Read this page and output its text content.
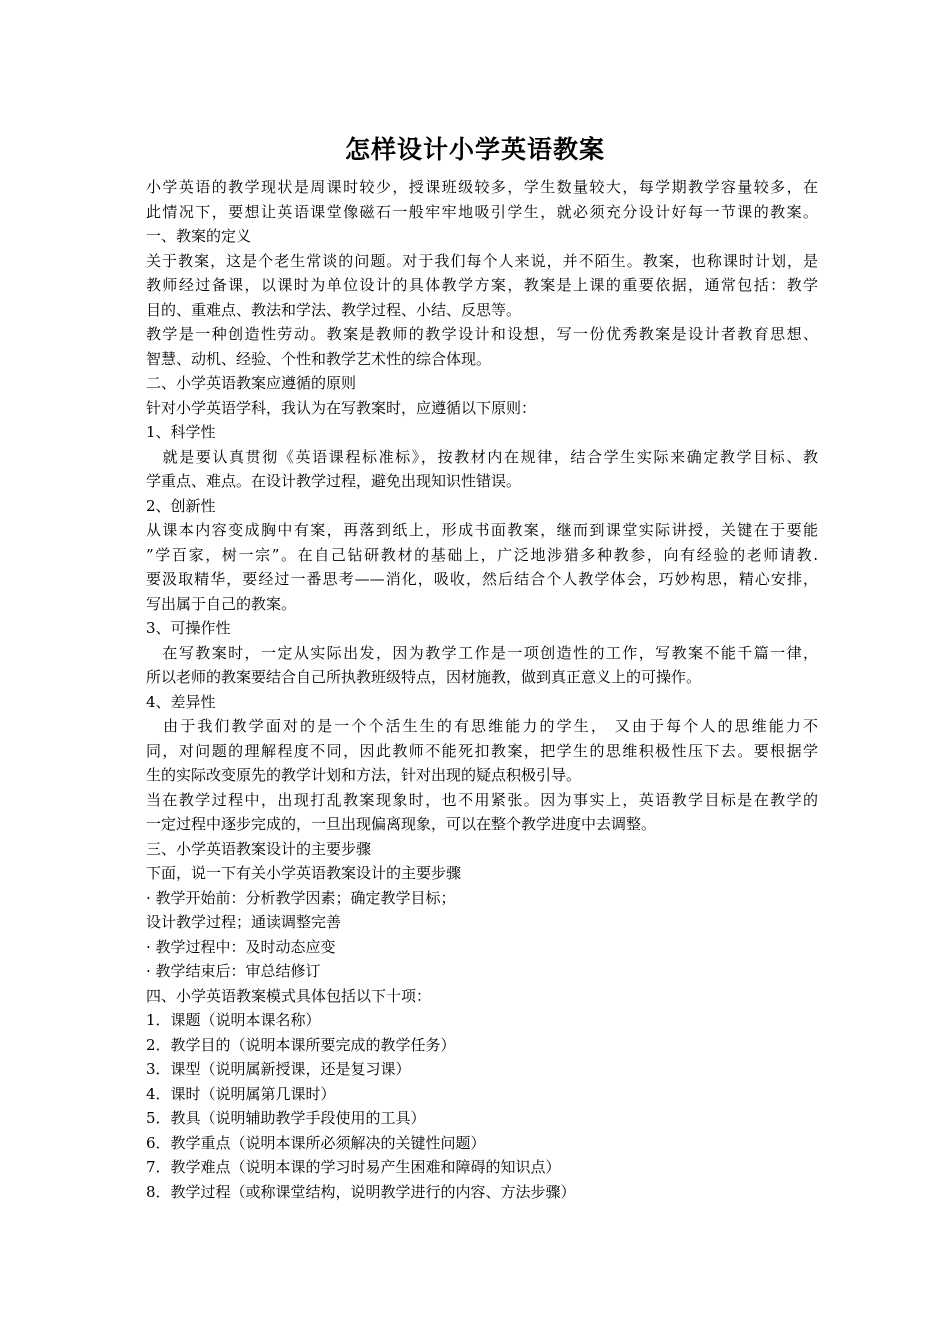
怎样设计小学英语教案
小学英语的教学现状是周课时较少，授课班级较多，学生数量较大，每学期教学容量较多，在
此情况下，要想让英语课堂像磁石一般牢牢地吸引学生，就必须充分设计好每一节课的教案。
一、教案的定义
关于教案，这是个老生常谈的问题。对于我们每个人来说，并不陌生。教案，也称课时计划，是
教师经过备课，以课时为单位设计的具体教学方案，教案是上课的重要依据，通常包括：教学
目的、重难点、教法和学法、教学过程、小结、反思等。
教学是一种创造性劳动。教案是教师的教学设计和设想，写一份优秀教案是设计者教育思想、
智慧、动机、经验、个性和教学艺术性的综合体现。
二、小学英语教案应遵循的原则
针对小学英语学科，我认为在写教案时，应遵循以下原则：
1、科学性
　就是要认真贯彻《英语课程标准标》，按教材内在规律，结合学生实际来确定教学目标、教
学重点、难点。在设计教学过程，避免出现知识性错误。
2、创新性
从课本内容变成胸中有案，再落到纸上，形成书面教案，继而到课堂实际讲授，关键在于要能
”学百家，树一宗”。在自己钻研教材的基础上，广泛地涉猎多种教参，向有经验的老师请教.
要汲取精华，要经过一番思考——消化，吸收，然后结合个人教学体会，巧妙构思，精心安排，
写出属于自己的教案。
3、可操作性
　在写教案时，一定从实际出发，因为教学工作是一项创造性的工作，写教案不能千篇一律，
所以老师的教案要结合自己所执教班级特点，因材施教，做到真正意义上的可操作。
4、差异性
　由于我们教学面对的是一个个活生生的有思维能力的学生， 又由于每个人的思维能力不
同，对问题的理解程度不同，因此教师不能死扣教案，把学生的思维积极性压下去。要根据学
生的实际改变原先的教学计划和方法，针对出现的疑点积极引导。
当在教学过程中，出现打乱教案现象时，也不用紧张。因为事实上，英语教学目标是在教学的
一定过程中逐步完成的，一旦出现偏离现象，可以在整个教学进度中去调整。
三、小学英语教案设计的主要步骤
下面，说一下有关小学英语教案设计的主要步骤
· 教学开始前：分析教学因素；确定教学目标；
设计教学过程；通读调整完善
· 教学过程中：及时动态应变
· 教学结束后：审总结修订
四、小学英语教案模式具体包括以下十项：
1．课题（说明本课名称）
2．教学目的（说明本课所要完成的教学任务）
3．课型（说明属新授课，还是复习课）
4．课时（说明属第几课时）
5．教具（说明辅助教学手段使用的工具）
6．教学重点（说明本课所必须解决的关键性问题）
7．教学难点（说明本课的学习时易产生困难和障碍的知识点）
8．教学过程（或称课堂结构，说明教学进行的内容、方法步骤）
